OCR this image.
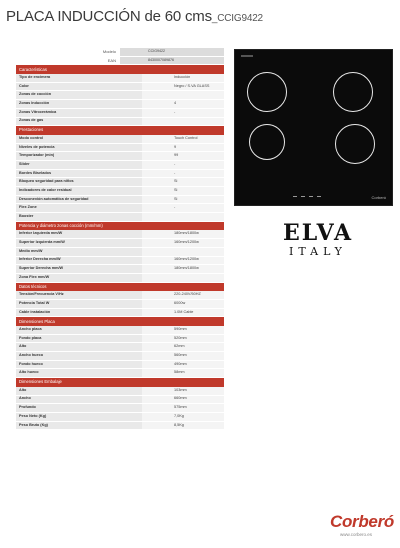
PLACA INDUCCIÓN de 60 cms_CCIG9422
Modelo	CCIG9422
EAN	8430007089876
Características
Tipo de encimera	Inducción
Color	Negro / S.VA GLASS
Zonas de cocción
Zonas Inducción	4
Zonas Vitrocerámica	-
Zonas de gas
Prestaciones
Modo control	Touch Control
Niveles de potencia	9
Temporizador (min)	99
Slider	-
Bordes Biselados	-
Bloqueo seguridad para niños	Si
Indicadores de calor residual	Si
Desconexión automática de seguridad	Si
Flex Zone	-
Booster
Potencia y diámetro zonas cocción (mm/mm)
Inferior Izquierda mm/W	180mm/1800w
Superior Izquierda mm/W	160mm/1200w
Medio mm/W
Inferior Derecha mm/W	160mm/1200w
Superior Derecha mm/W	180mm/1800w
Zona Flex mm/W
Datos técnicos
Tensión/Frecuencia V/Hz	220-240V/50HZ
Potencia Total W	6000w
Cable instalación	1.0M Cable
Dimensiones Placa
Ancho placa	590mm
Fondo placa	520mm
Alto	62mm
Ancho hueco	560mm
Fondo hueco	490mm
Alto hueco	58mm
Dimensiones Embalaje
Alto	103mm
Ancho	660mm
Profundo	575mm
Peso Neto (Kg)	7,0Kg
Peso Bruto (Kg)	8,5Kg
Corberó
ELVA
ITALY
Corberó
www.corbero.es
